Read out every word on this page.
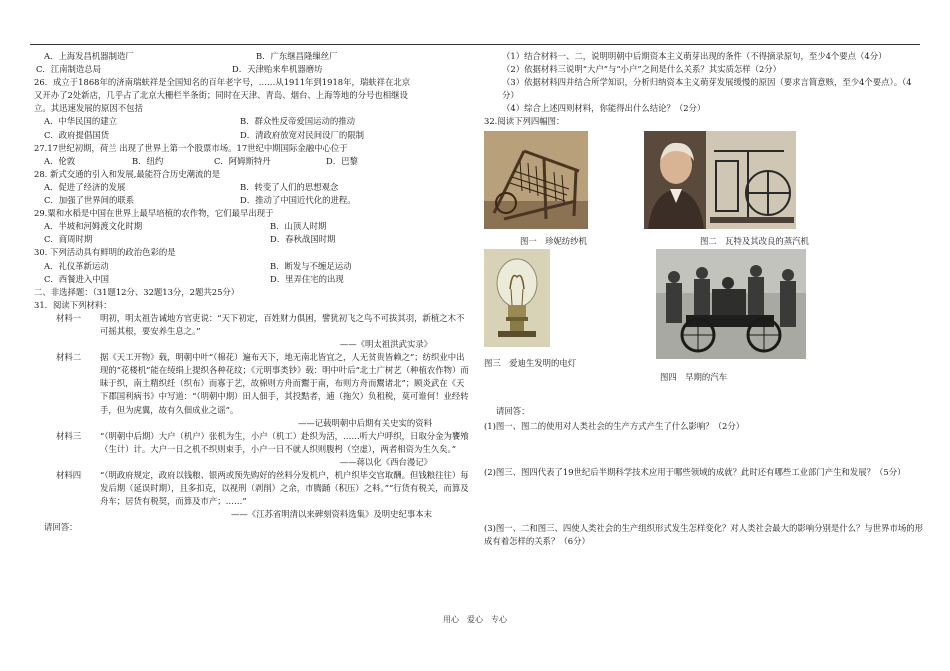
A．上海发昌机器制造厂	B．广东继昌隆缫丝厂
C．江南制造总局	D．天津贻来牟机器磨坊
26．成立于1868年的济南瑞蚨祥是全国知名的百年老字号，……从1911年到1918年，瑞蚨祥在北京
又开办了2处新店，几乎占了北京大栅栏半条街；同时在天津、青岛、烟台、上海等地的分号也相继设
立。其迅速发展的原因不包括
A．中华民国的建立	B．群众性反帝爱国运动的推动
C．政府提倡国货	D．清政府放宽对民间设厂的限制
27.17世纪初期，荷兰 出现了世界上第一个股票市场。17世纪中期国际金融中心位于
A．伦敦	B．纽约	C．阿姆斯特丹	D．巴黎
28. 新式交通的引入和发展,最能符合历史潮流的是
A．促进了经济的发展	B．转变了人们的思想观念
C．加强了世界间的联系	D．推动了中国近代化的进程。
29.粟和水稻是中国在世界上最早培植的农作物，它们最早出现于
A．半坡和河姆渡文化时期	B．山顶人时期
C．商周时期	D．春秋战国时期
30. 下列活动具有鲜明的政治色彩的是
A．礼仪革新运动	B．断发与不缠足运动
C．西餐进入中国	D．里弄住宅的出现
二、非选择题：（31题12分、32题13分，2题共25分）
31．阅读下列材料：
材料一 明初，明太祖告诫地方官吏说：“天下初定，百姓财力俱困，譬犹初飞之鸟不可拔其羽，新植之木不可摇其根，要安养生息之。”
——《明太祖洪武实录》
材料二 据《天工开物》载，明朝中叶“（棉花）遍布天下，地无南北皆宜之，人无贫贵皆赖之”；纺织业中出现的“花楼机”能在绫绢上提织各种花纹；《元明事类钞》载：明中叶后“北土广树艺（种植农作物）而昧于织，南土精织纴（织布）而寡于艺，故棉则方舟而鬻于南，布则方舟而鬻诸北”；顾炎武在《天下郡国利病书》中写道：“（明朝中期）田人佃手，其投黠者，逋（拖欠）负租税，莫可谁何！业经转手，但为虎翼，故有久佃成业之谣”。
——记载明朝中后期有关史实的资料
材料三 “（明朝中后期）大户（机户）张机为生，小户（机工）赴织为活，……听大户呼织，日取分金为饔飧（生计）计。大户一日之机不织则束手，小户一日不就人织则腹枵（空虚），两者相资为生久矣。”
——蒋以化《西台漫记》
材料四 “（明政府规定，政府以钱粮、银两或预先购好的丝料分发机户，机户织毕交官取酬。但钱粮往往）每发后期（延误时期），且多扣克，以视刑（剥削）之余，市腾踊（积压）之料。”“行货有税关，而算及舟车；居货有税契，而算及市产；……”
——《江苏省明清以来碑刻资料选集》及明史纪事本末
请回答：
（1）结合材料一、二，说明明朝中后期资本主义萌芽出现的条件（不得摘录原句，至少4个要点（4分）
（2）依据材料三说明“大户”与“小户”之间是什么关系？其实质怎样（2分）
（3）依据材料四并结合所学知识，分析归纳资本主义萌芽发展缓慢的原因（要求言简意赅，至少4个要点）。（4分）
（4）综合上述四则材料，你能得出什么结论？（2分）
32.阅读下列四幅图：
图一　珍妮纺纱机	图二　瓦特及其改良的蒸汽机
图三　爱迪生发明的电灯
图四　早期的汽车
请回答：
(1)图一、图二的使用对人类社会的生产方式产生了什么影响？（2分）
(2)图三、图四代表了19世纪后半期科学技术应用于哪些领域的成就？此时还有哪些工业部门产生和发展？（5分）
(3)图一、二和图三、四使人类社会的生产组织形式发生怎样变化？对人类社会最大的影响分别是什么？与世界市场的形成有着怎样的关系？（6分）
用心　爱心　专心
